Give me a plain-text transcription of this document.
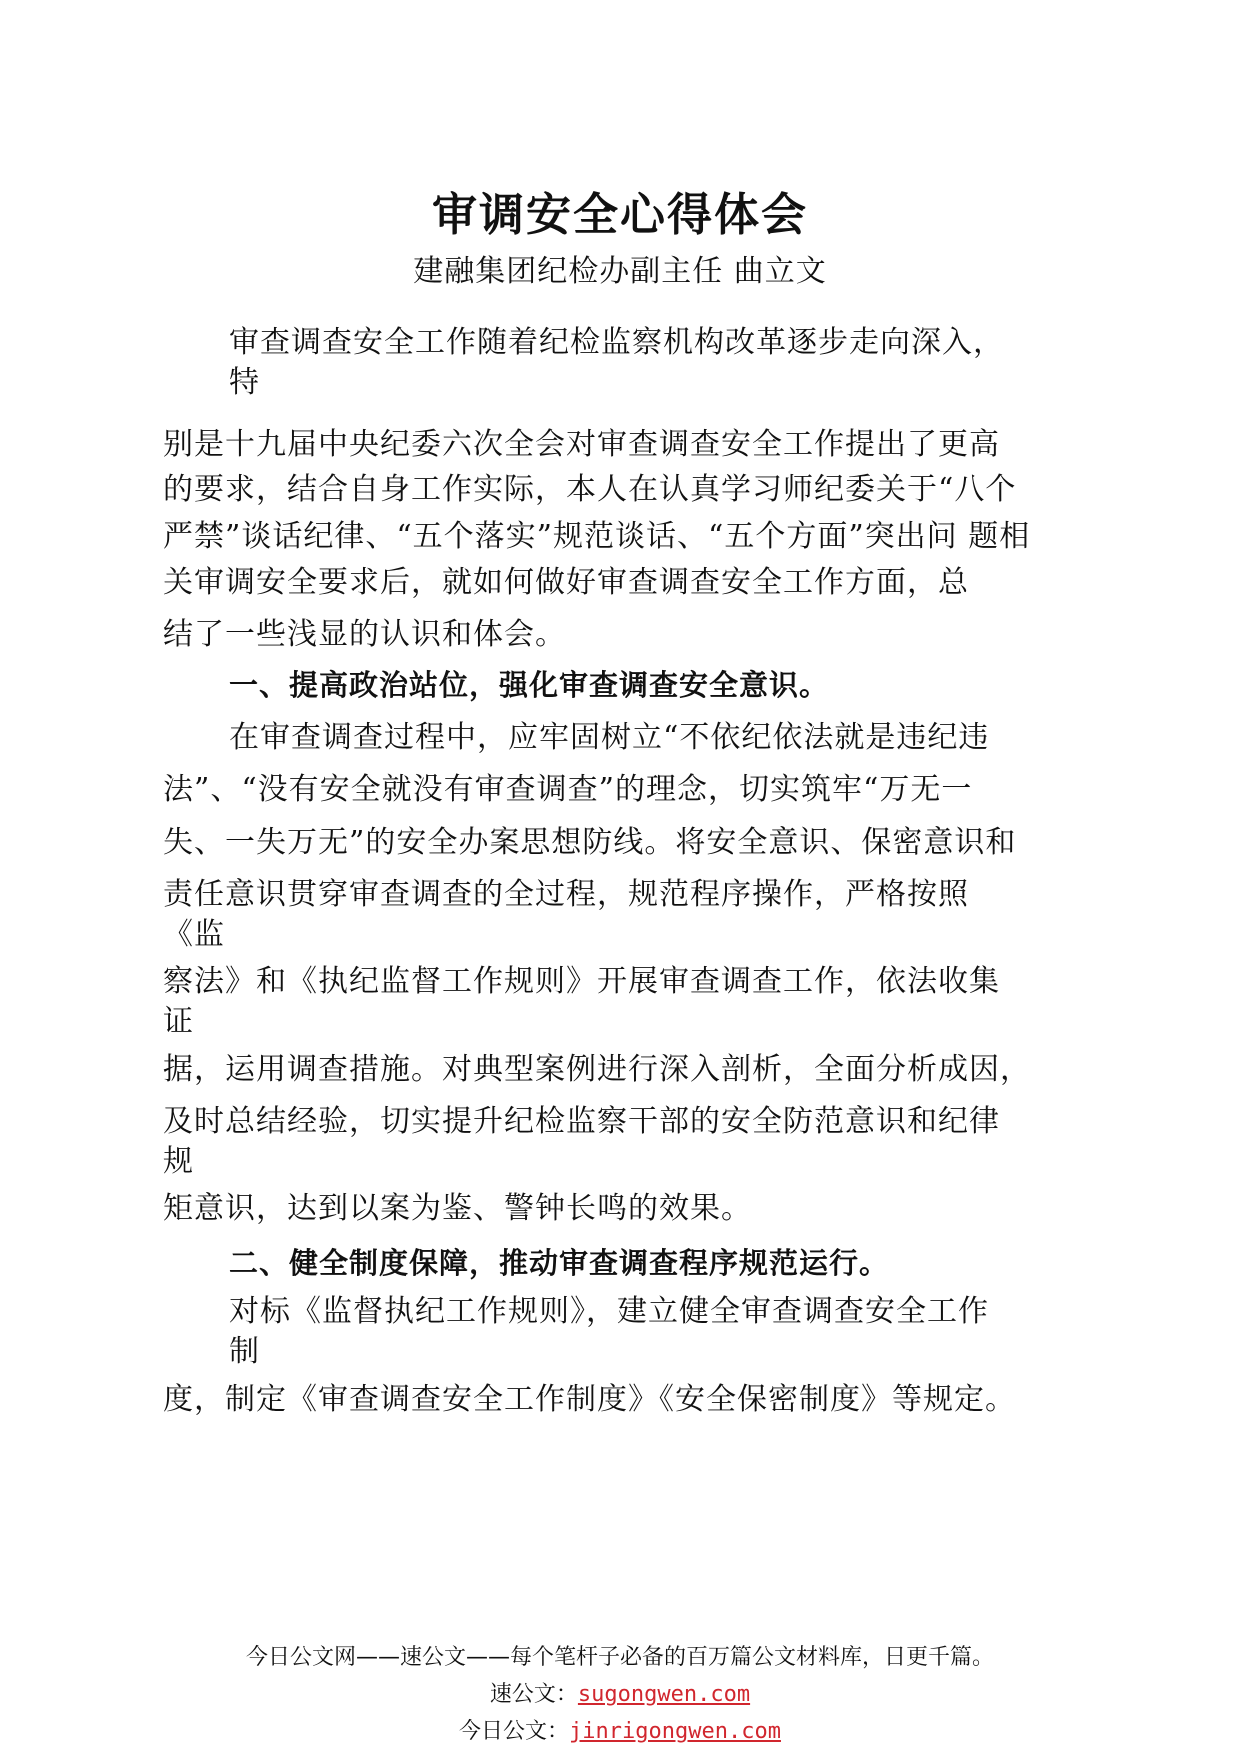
审调安全心得体会

建融集团纪检办副主任 曲立文

审查调查安全工作随着纪检监察机构改革逐步走向深入，
特
别是十九届中央纪委六次全会对审查调查安全工作提出了更高
的要求，结合自身工作实际，本人在认真学习师纪委关于“八个
严禁”谈话纪律、“五个落实”规范谈话、“五个方面”突出问 题相
关审调安全要求后，就如何做好审查调查安全工作方面，总
结了一些浅显的认识和体会。
一、提高政治站位，强化审查调查安全意识。
在审查调查过程中，应牢固树立“不依纪依法就是违纪违
法”、“没有安全就没有审查调查”的理念，切实筑牢“万无一
失、一失万无”的安全办案思想防线。将安全意识、保密意识和
责任意识贯穿审查调查的全过程，规范程序操作，严格按照
《监
察法》和《执纪监督工作规则》开展审查调查工作，依法收集
证
据，运用调查措施。对典型案例进行深入剖析，全面分析成因，
及时总结经验，切实提升纪检监察干部的安全防范意识和纪律
规
矩意识，达到以案为鉴、警钟长鸣的效果。
二、健全制度保障，推动审查调查程序规范运行。
对标《监督执纪工作规则》，建立健全审查调查安全工作
制
度，制定《审查调查安全工作制度》《安全保密制度》等规定。
今日公文网——速公文——每个笔杆子必备的百万篇公文材料库，日更千篇。
速公文：sugongwen.com
今日公文：jinrigongwen.com
